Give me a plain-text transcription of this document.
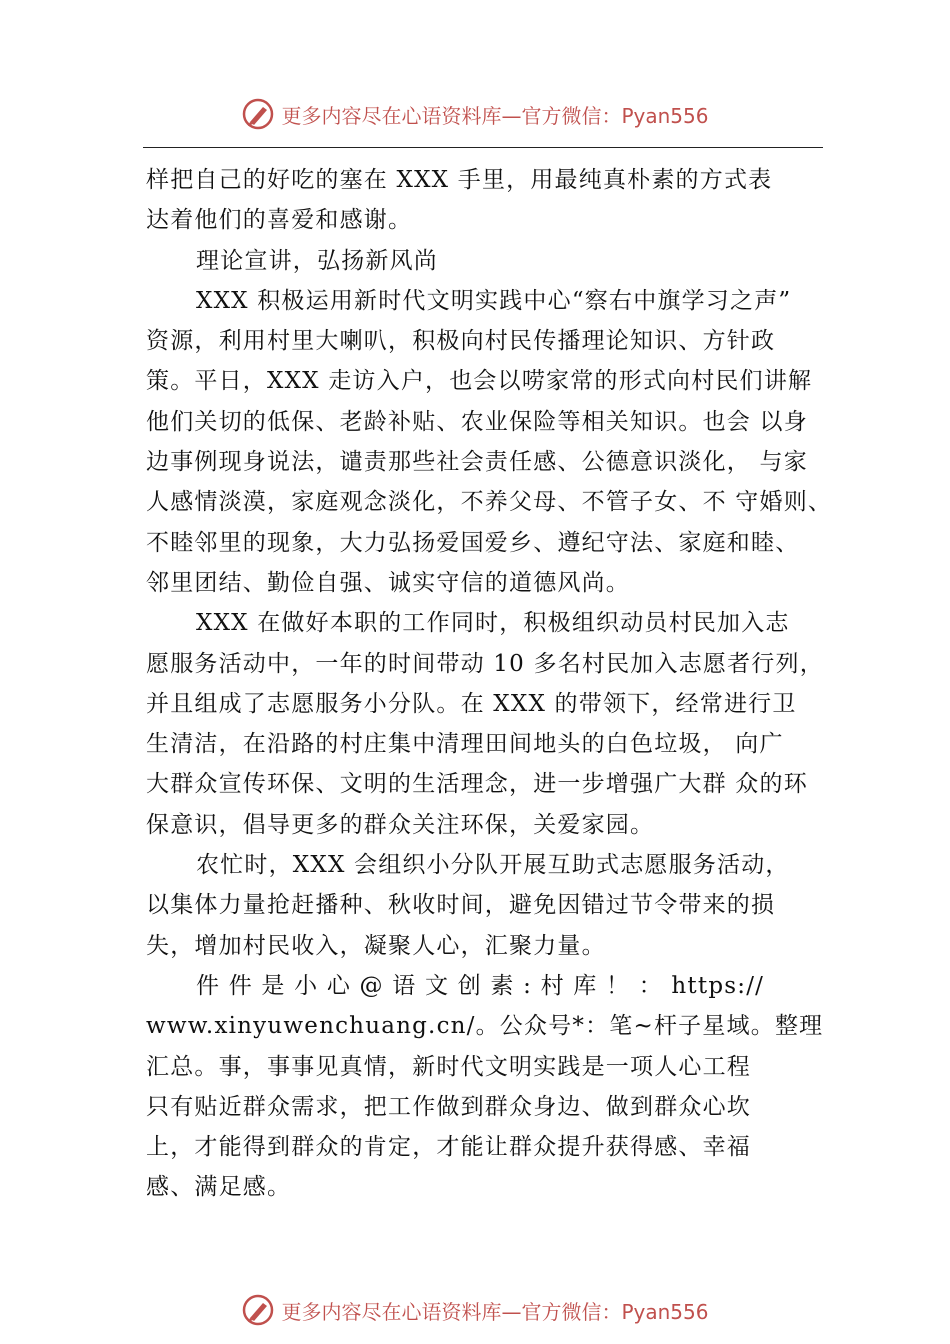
更多内容尽在心语资料库—官方微信：Pyan556
样把自己的好吃的塞在 XXX 手里，用最纯真朴素的方式表
达着他们的喜爱和感谢。
理论宣讲，弘扬新风尚
XXX 积极运用新时代文明实践中心“察右中旗学习之声”
资源，利用村里大喇叭，积极向村民传播理论知识、方针政
策。平日，XXX 走访入户，也会以唠家常的形式向村民们讲解
他们关切的低保、老龄补贴、农业保险等相关知识。也会 以身
边事例现身说法，谴责那些社会责任感、公德意识淡化， 与家
人感情淡漠，家庭观念淡化，不养父母、不管子女、不 守婚则、
不睦邻里的现象，大力弘扬爱国爱乡、遵纪守法、家庭和睦、
邻里团结、勤俭自强、诚实守信的道德风尚。
XXX 在做好本职的工作同时，积极组织动员村民加入志
愿服务活动中，一年的时间带动 10 多名村民加入志愿者行列，
并且组成了志愿服务小分队。在 XXX 的带领下，经常进行卫
生清洁，在沿路的村庄集中清理田间地头的白色垃圾， 向广
大群众宣传环保、文明的生活理念，进一步增强广大群 众的环
保意识，倡导更多的群众关注环保，关爱家园。
农忙时，XXX 会组织小分队开展互助式志愿服务活动，
以集体力量抢赶播种、秋收时间，避免因错过节令带来的损
失，增加村民收入，凝聚人心，汇聚力量。
件 件 是 小 心 @ 语 文 创 素 : 村 库 ！ ： https://
www.xinyuwenchuang.cn/。公众号*：笔~杆子星域。整理
汇总。事，事事见真情，新时代文明实践是一项人心工程
只有贴近群众需求，把工作做到群众身边、做到群众心坎
上，才能得到群众的肯定，才能让群众提升获得感、幸福
感、满足感。
更多内容尽在心语资料库—官方微信：Pyan556
